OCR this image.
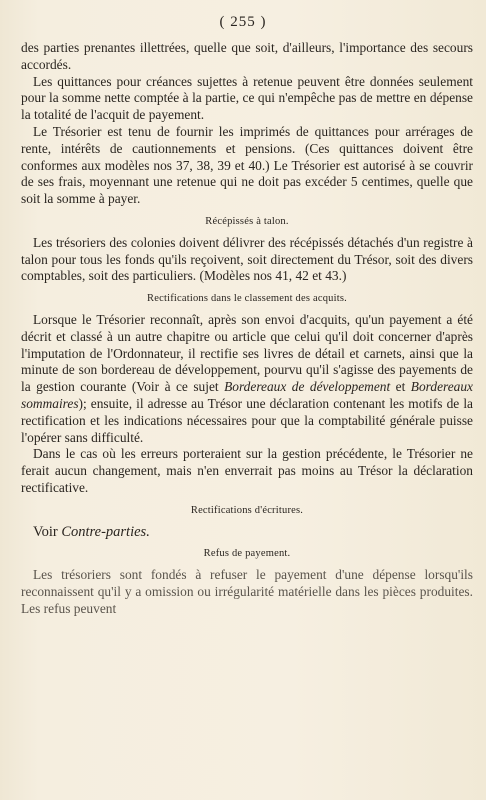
( 255 )

des parties prenantes illettrées, quelle que soit, d'ailleurs, l'importance des secours accordés.

Les quittances pour créances sujettes à retenue peuvent être données seulement pour la somme nette comptée à la partie, ce qui n'empêche pas de mettre en dépense la totalité de l'acquit de payement.

Le Trésorier est tenu de fournir les imprimés de quittances pour arrérages de rente, intérêts de cautionnements et pensions. (Ces quittances doivent être conformes aux modèles nos 37, 38, 39 et 40.) Le Trésorier est autorisé à se couvrir de ses frais, moyennant une retenue qui ne doit pas excéder 5 centimes, quelle que soit la somme à payer.

Récépissés à talon.

Les trésoriers des colonies doivent délivrer des récépissés détachés d'un registre à talon pour tous les fonds qu'ils reçoivent, soit directement du Trésor, soit des divers comptables, soit des particuliers. (Modèles nos 41, 42 et 43.)

Rectifications dans le classement des acquits.

Lorsque le Trésorier reconnaît, après son envoi d'acquits, qu'un payement a été décrit et classé à un autre chapitre ou article que celui qu'il doit concerner d'après l'imputation de l'Ordonnateur, il rectifie ses livres de détail et carnets, ainsi que la minute de son bordereau de développement, pourvu qu'il s'agisse des payements de la gestion courante (Voir à ce sujet Bordereaux de développement et Bordereaux sommaires); ensuite, il adresse au Trésor une déclaration contenant les motifs de la rectification et les indications nécessaires pour que la comptabilité générale puisse l'opérer sans difficulté.

Dans le cas où les erreurs porteraient sur la gestion précédente, le Trésorier ne ferait aucun changement, mais n'en enverrait pas moins au Trésor la déclaration rectificative.

Rectifications d'écritures.

Voir Contre-parties.

Refus de payement.

Les trésoriers sont fondés à refuser le payement d'une dépense lorsqu'ils reconnaissent qu'il y a omission ou irrégularité matérielle dans les pièces produites. Les refus peuvent
